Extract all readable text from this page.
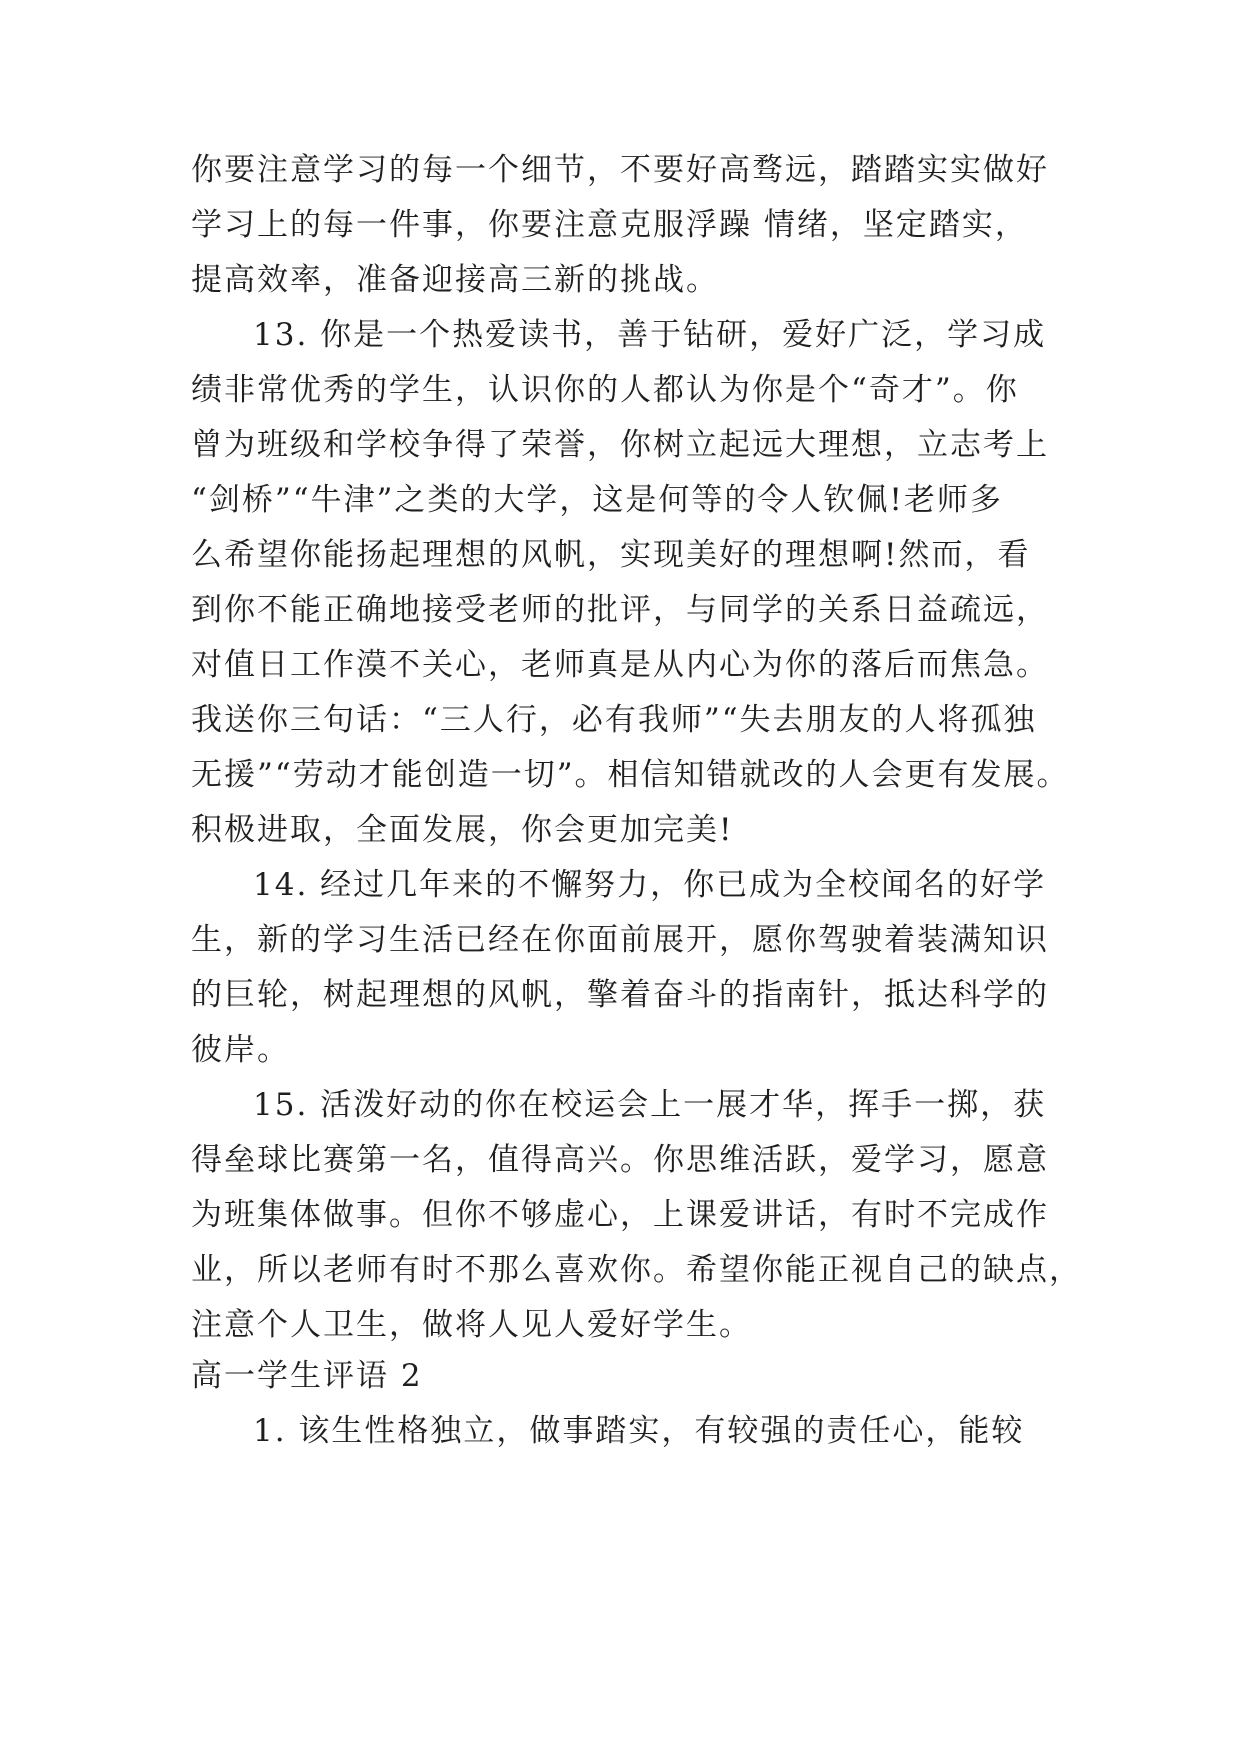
你要注意学习的每一个细节，不要好高骛远，踏踏实实做好
学习上的每一件事，你要注意克服浮躁 情绪，坚定踏实，
提高效率，准备迎接高三新的挑战。
13. 你是一个热爱读书，善于钻研，爱好广泛，学习成
绩非常优秀的学生，认识你的人都认为你是个“奇才”。你
曾为班级和学校争得了荣誉，你树立起远大理想，立志考上
“剑桥”“牛津”之类的大学，这是何等的令人钦佩!老师多
么希望你能扬起理想的风帆，实现美好的理想啊!然而，看
到你不能正确地接受老师的批评，与同学的关系日益疏远，
对值日工作漠不关心，老师真是从内心为你的落后而焦急。
我送你三句话：“三人行，必有我师”“失去朋友的人将孤独
无援”“劳动才能创造一切”。相信知错就改的人会更有发展。
积极进取，全面发展，你会更加完美!
14. 经过几年来的不懈努力，你已成为全校闻名的好学
生，新的学习生活已经在你面前展开，愿你驾驶着装满知识
的巨轮，树起理想的风帆，擎着奋斗的指南针，抵达科学的
彼岸。
15. 活泼好动的你在校运会上一展才华，挥手一掷，获
得垒球比赛第一名，值得高兴。你思维活跃，爱学习，愿意
为班集体做事。但你不够虚心，上课爱讲话，有时不完成作
业，所以老师有时不那么喜欢你。希望你能正视自己的缺点，
注意个人卫生，做将人见人爱好学生。
高一学生评语 2
1. 该生性格独立，做事踏实，有较强的责任心，能较
